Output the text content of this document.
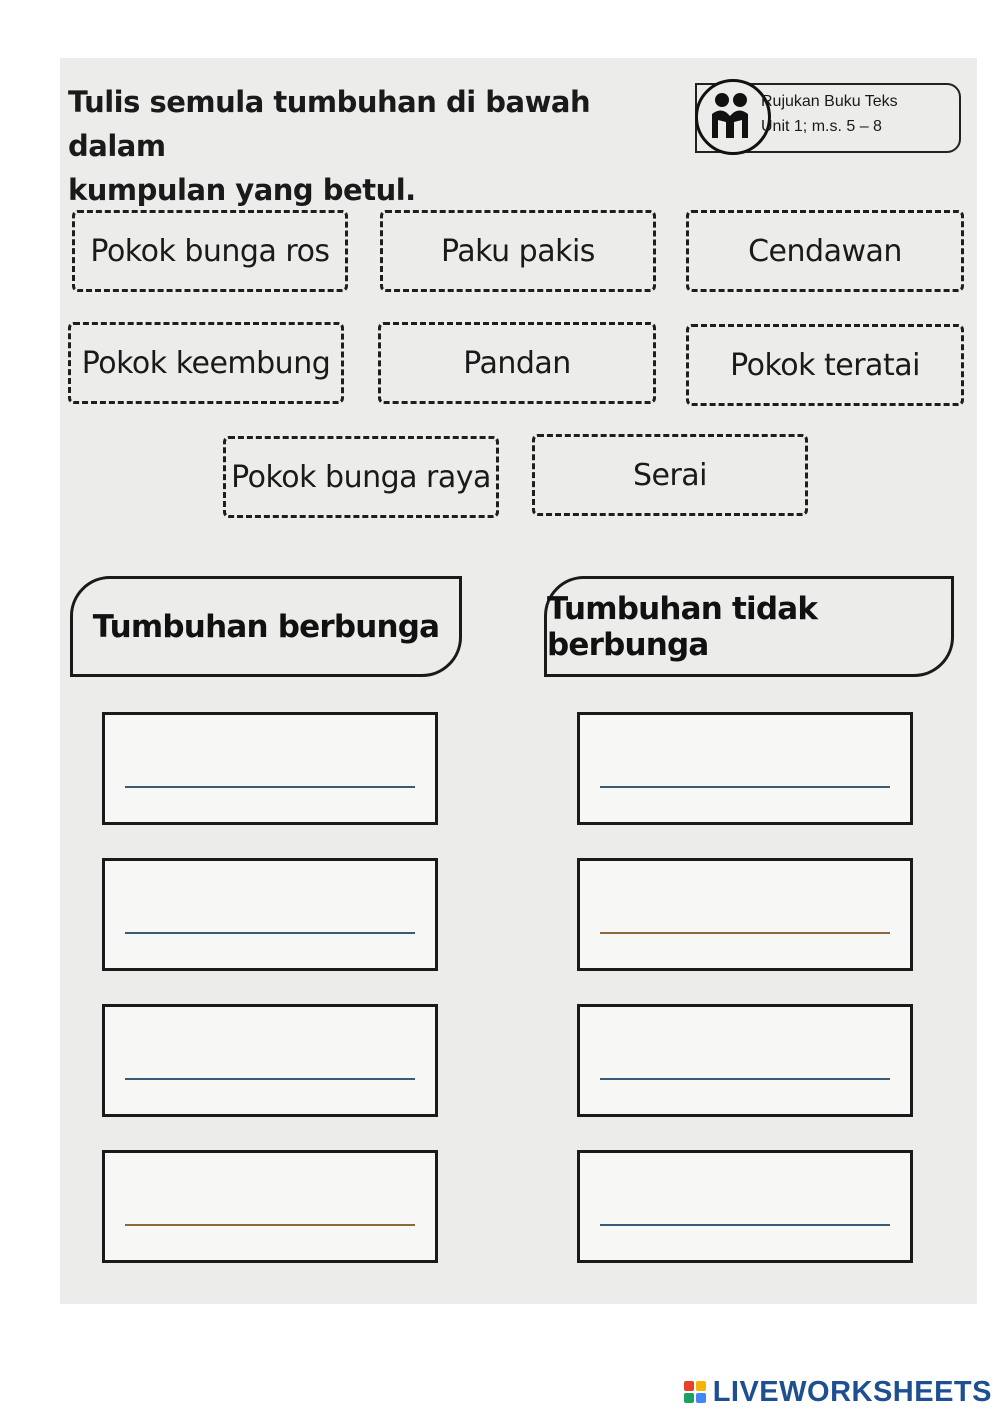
Tulis semula tumbuhan di bawah dalam
kumpulan yang betul.
Rujukan Buku Teks
Unit 1; m.s. 5 – 8
Pokok bunga ros	Paku pakis	Cendawan
Pokok keembung	Pandan	Pokok teratai
Pokok bunga raya	Serai
Tumbuhan berbunga	Tumbuhan tidak berbunga
LIVEWORKSHEETS
